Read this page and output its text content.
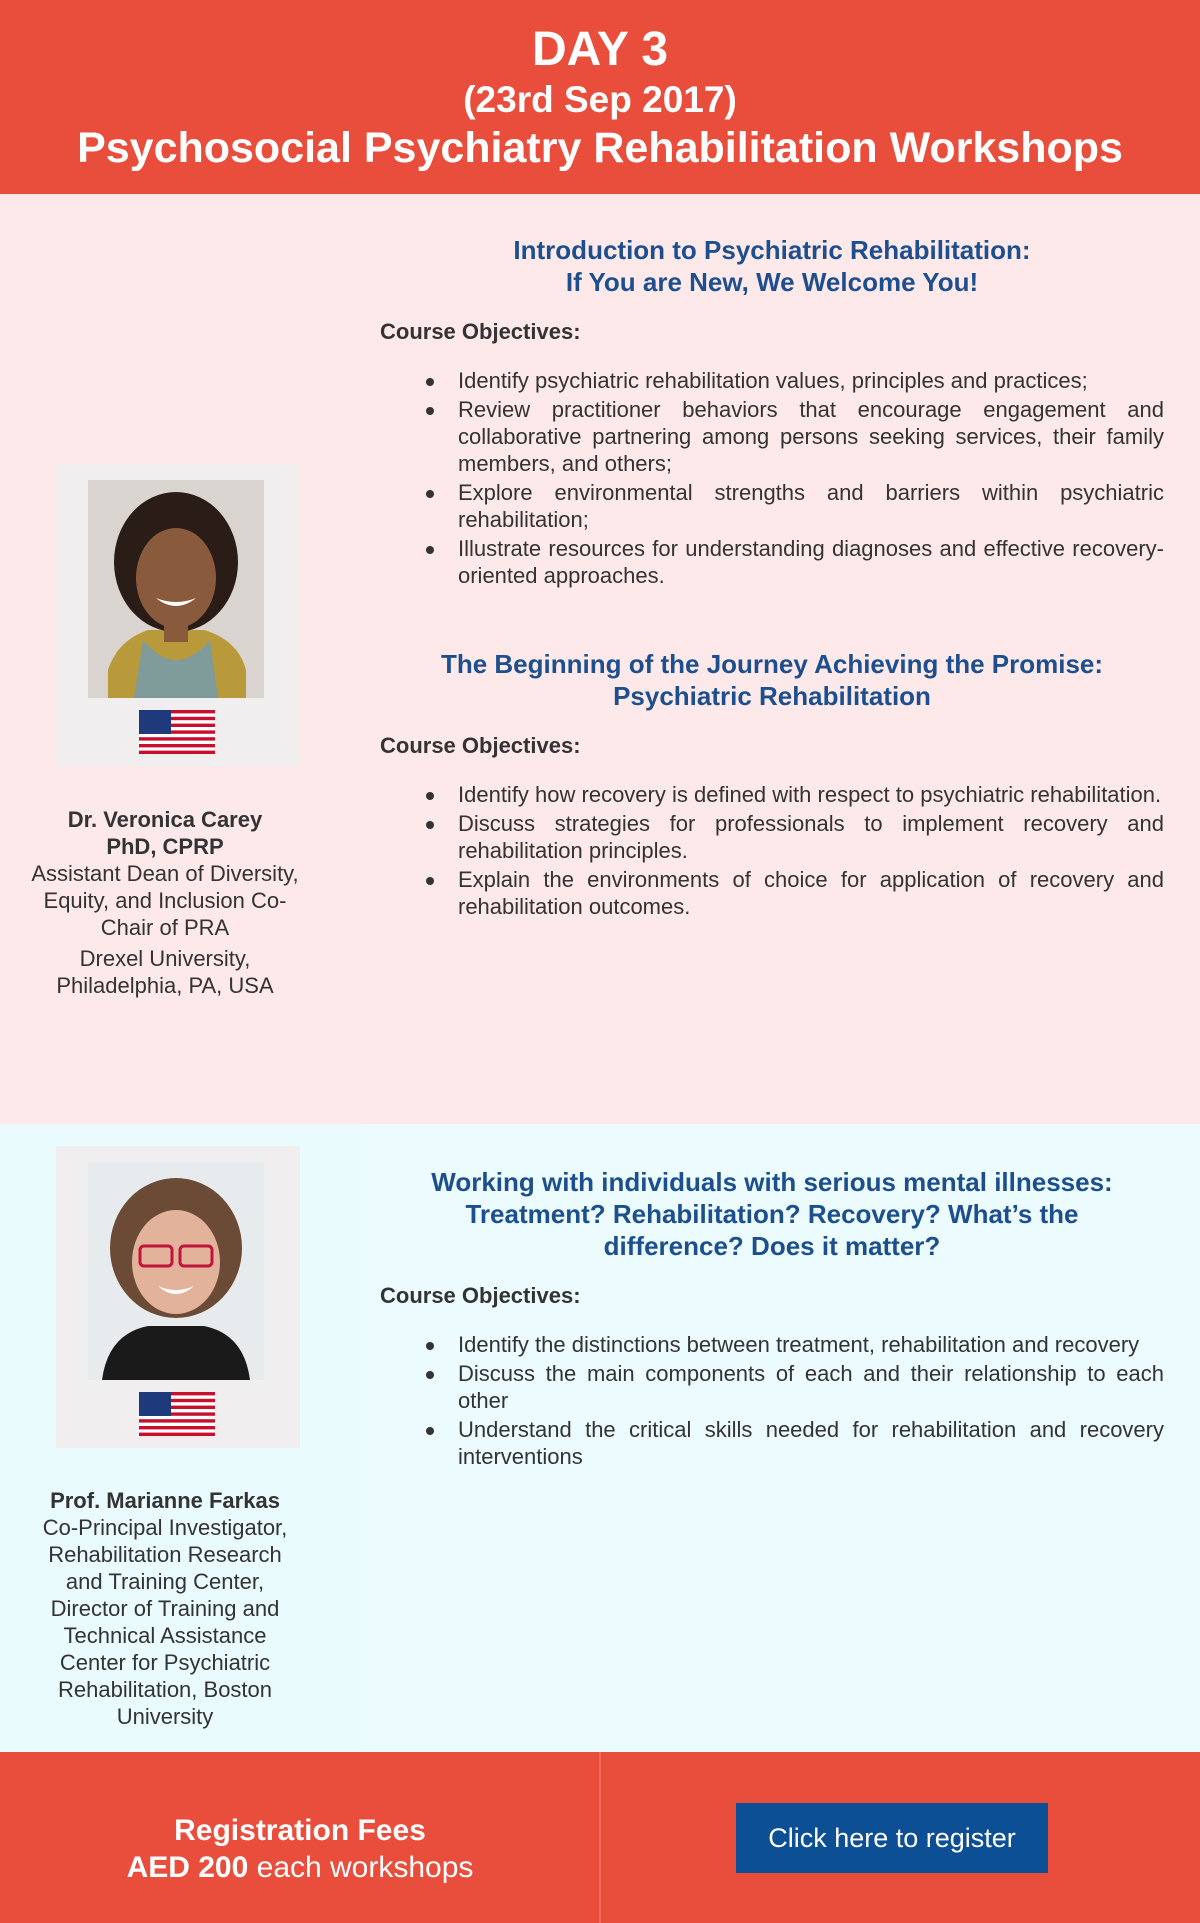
DAY 3
(23rd Sep 2017)
Psychosocial Psychiatry Rehabilitation Workshops
Dr. Veronica Carey
PhD, CPRP
Assistant Dean of Diversity, Equity, and Inclusion Co-Chair of PRA
Drexel University, Philadelphia, PA, USA
Introduction to Psychiatric Rehabilitation:
If You are New, We Welcome You!
Course Objectives:
Identify psychiatric rehabilitation values, principles and practices;
Review practitioner behaviors that encourage engagement and collaborative partnering among persons seeking services, their family members, and others;
Explore environmental strengths and barriers within psychiatric rehabilitation;
Illustrate resources for understanding diagnoses and effective recovery-oriented approaches.
The Beginning of the Journey Achieving the Promise:
Psychiatric Rehabilitation
Course Objectives:
Identify how recovery is defined with respect to psychiatric rehabilitation.
Discuss strategies for professionals to implement recovery and rehabilitation principles.
Explain the environments of choice for application of recovery and rehabilitation outcomes.
Prof. Marianne Farkas
Co-Principal Investigator, Rehabilitation Research and Training Center, Director of Training and Technical Assistance
Center for Psychiatric Rehabilitation, Boston University
Working with individuals with serious mental illnesses:
Treatment? Rehabilitation? Recovery? What’s the
difference? Does it matter?
Course Objectives:
Identify the distinctions between treatment, rehabilitation and recovery
Discuss the main components of each and their relationship to each other
Understand the critical skills needed for rehabilitation and recovery interventions
Registration Fees
AED 200 each workshops
Click here to register
